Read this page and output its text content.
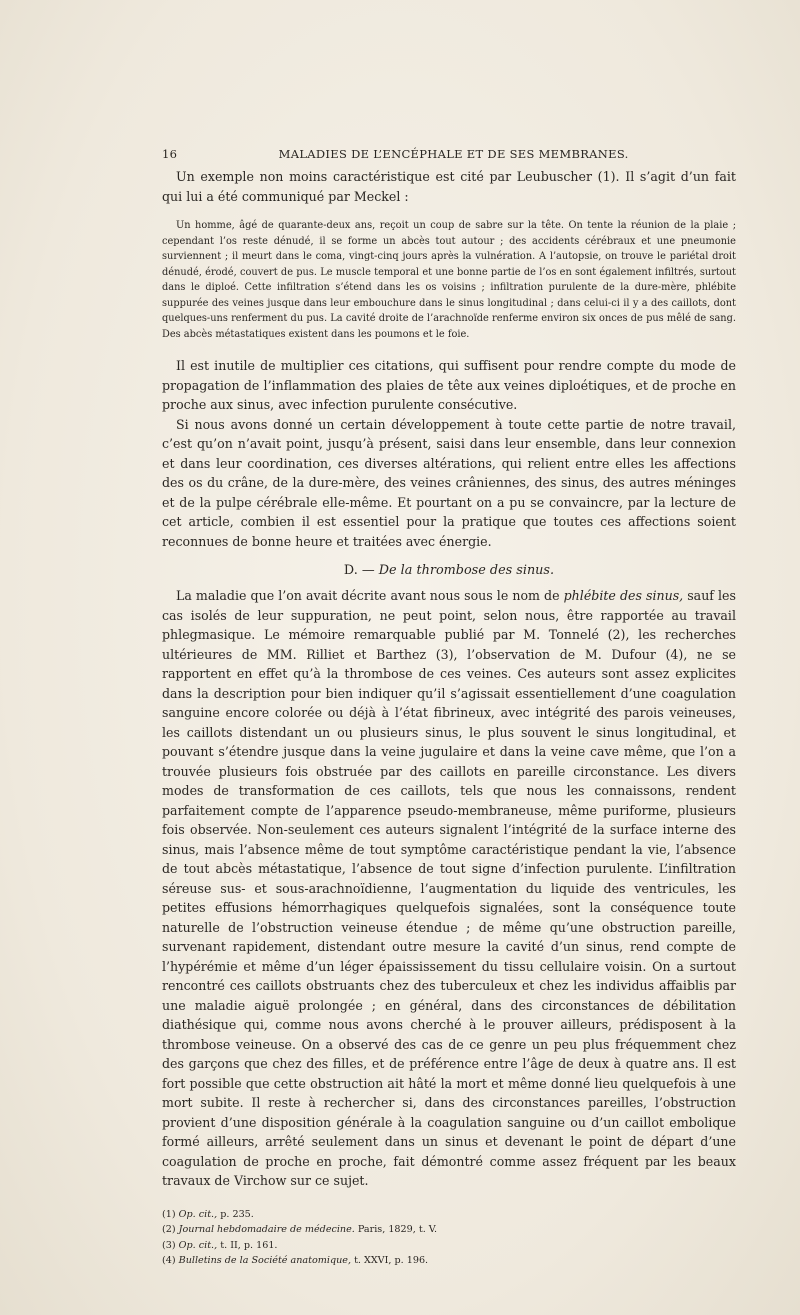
16	MALADIES DE L’ENCÉPHALE ET DE SES MEMBRANES.

Un exemple non moins caractéristique est cité par Leubuscher (1). Il s’agit d’un fait qui lui a été communiqué par Meckel :

Un homme, âgé de quarante-deux ans, reçoit un coup de sabre sur la tête. On tente la réunion de la plaie ; cependant l’os reste dénudé, il se forme un abcès tout autour ; des accidents cérébraux et une pneumonie surviennent ; il meurt dans le coma, vingt-cinq jours après la vulnération. A l’autopsie, on trouve le pariétal droit dénudé, érodé, couvert de pus. Le muscle temporal et une bonne partie de l’os en sont également infiltrés, surtout dans le diploé. Cette infiltration s’étend dans les os voisins ; infiltration purulente de la dure-mère, phlébite suppurée des veines jusque dans leur embouchure dans le sinus longitudinal ; dans celui-ci il y a des caillots, dont quelques-uns renferment du pus. La cavité droite de l’arachnoïde renferme environ six onces de pus mêlé de sang. Des abcès métastatiques existent dans les poumons et le foie.

Il est inutile de multiplier ces citations, qui suffisent pour rendre compte du mode de propagation de l’inflammation des plaies de tête aux veines diploétiques, et de proche en proche aux sinus, avec infection purulente consécutive.

Si nous avons donné un certain développement à toute cette partie de notre travail, c’est qu’on n’avait point, jusqu’à présent, saisi dans leur ensemble, dans leur connexion et dans leur coordination, ces diverses altérations, qui relient entre elles les affections des os du crâne, de la dure-mère, des veines crâniennes, des sinus, des autres méninges et de la pulpe cérébrale elle-même. Et pourtant on a pu se convaincre, par la lecture de cet article, combien il est essentiel pour la pratique que toutes ces affections soient reconnues de bonne heure et traitées avec énergie.

D. — De la thrombose des sinus.

La maladie que l’on avait décrite avant nous sous le nom de phlébite des sinus, sauf les cas isolés de leur suppuration, ne peut point, selon nous, être rapportée au travail phlegmasique. Le mémoire remarquable publié par M. Tonnelé (2), les recherches ultérieures de MM. Rilliet et Barthez (3), l’observation de M. Dufour (4), ne se rapportent en effet qu’à la thrombose de ces veines. Ces auteurs sont assez explicites dans la description pour bien indiquer qu’il s’agissait essentiellement d’une coagulation sanguine encore colorée ou déjà à l’état fibrineux, avec intégrité des parois veineuses, les caillots distendant un ou plusieurs sinus, le plus souvent le sinus longitudinal, et pouvant s’étendre jusque dans la veine jugulaire et dans la veine cave même, que l’on a trouvée plusieurs fois obstruée par des caillots en pareille circonstance. Les divers modes de transformation de ces caillots, tels que nous les connaissons, rendent parfaitement compte de l’apparence pseudo-membraneuse, même puriforme, plusieurs fois observée. Non-seulement ces auteurs signalent l’intégrité de la surface interne des sinus, mais l’absence même de tout symptôme caractéristique pendant la vie, l’absence de tout abcès métastatique, l’absence de tout signe d’infection purulente. L’infiltration séreuse sus- et sous-arachnoïdienne, l’augmentation du liquide des ventricules, les petites effusions hémorrhagiques quelquefois signalées, sont la conséquence toute naturelle de l’obstruction veineuse étendue ; de même qu’une obstruction pareille, survenant rapidement, distendant outre mesure la cavité d’un sinus, rend compte de l’hypérémie et même d’un léger épaississement du tissu cellulaire voisin. On a surtout rencontré ces caillots obstruants chez des tuberculeux et chez les individus affaiblis par une maladie aiguë prolongée ; en général, dans des circonstances de débilitation diathésique qui, comme nous avons cherché à le prouver ailleurs, prédisposent à la thrombose veineuse. On a observé des cas de ce genre un peu plus fréquemment chez des garçons que chez des filles, et de préférence entre l’âge de deux à quatre ans. Il est fort possible que cette obstruction ait hâté la mort et même donné lieu quelquefois à une mort subite. Il reste à rechercher si, dans des circonstances pareilles, l’obstruction provient d’une disposition générale à la coagulation sanguine ou d’un caillot embolique formé ailleurs, arrêté seulement dans un sinus et devenant le point de départ d’une coagulation de proche en proche, fait démontré comme assez fréquent par les beaux travaux de Virchow sur ce sujet.

(1) Op. cit., p. 235.
(2) Journal hebdomadaire de médecine. Paris, 1829, t. V.
(3) Op. cit., t. II, p. 161.
(4) Bulletins de la Société anatomique, t. XXVI, p. 196.
